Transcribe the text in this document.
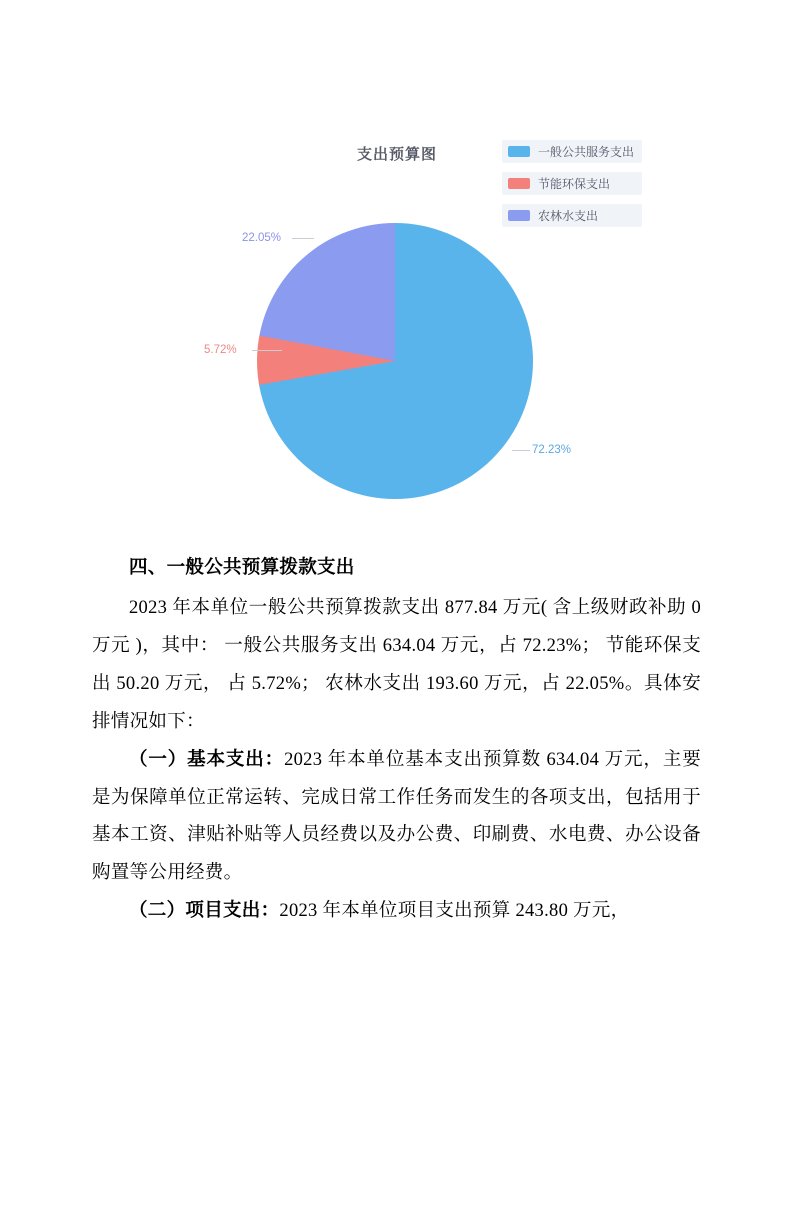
支出预算图	一般公共服务支出
节能环保支出
农林水支出
72.23%
5.72%
22.05%
四、一般公共预算拨款支出

2023 年本单位一般公共预算拨款支出 877.84 万元( 含上级财政补助 0 万元 )，其中： 一般公共服务支出 634.04 万元，占 72.23%； 节能环保支出 50.20 万元， 占 5.72%； 农林水支出 193.60 万元，占 22.05%。具体安排情况如下：

（一）基本支出：2023 年本单位基本支出预算数 634.04 万元，主要是为保障单位正常运转、完成日常工作任务而发生的各项支出，包括用于基本工资、津贴补贴等人员经费以及办公费、印刷费、水电费、办公设备购置等公用经费。

（二）项目支出：2023 年本单位项目支出预算 243.80 万元，
